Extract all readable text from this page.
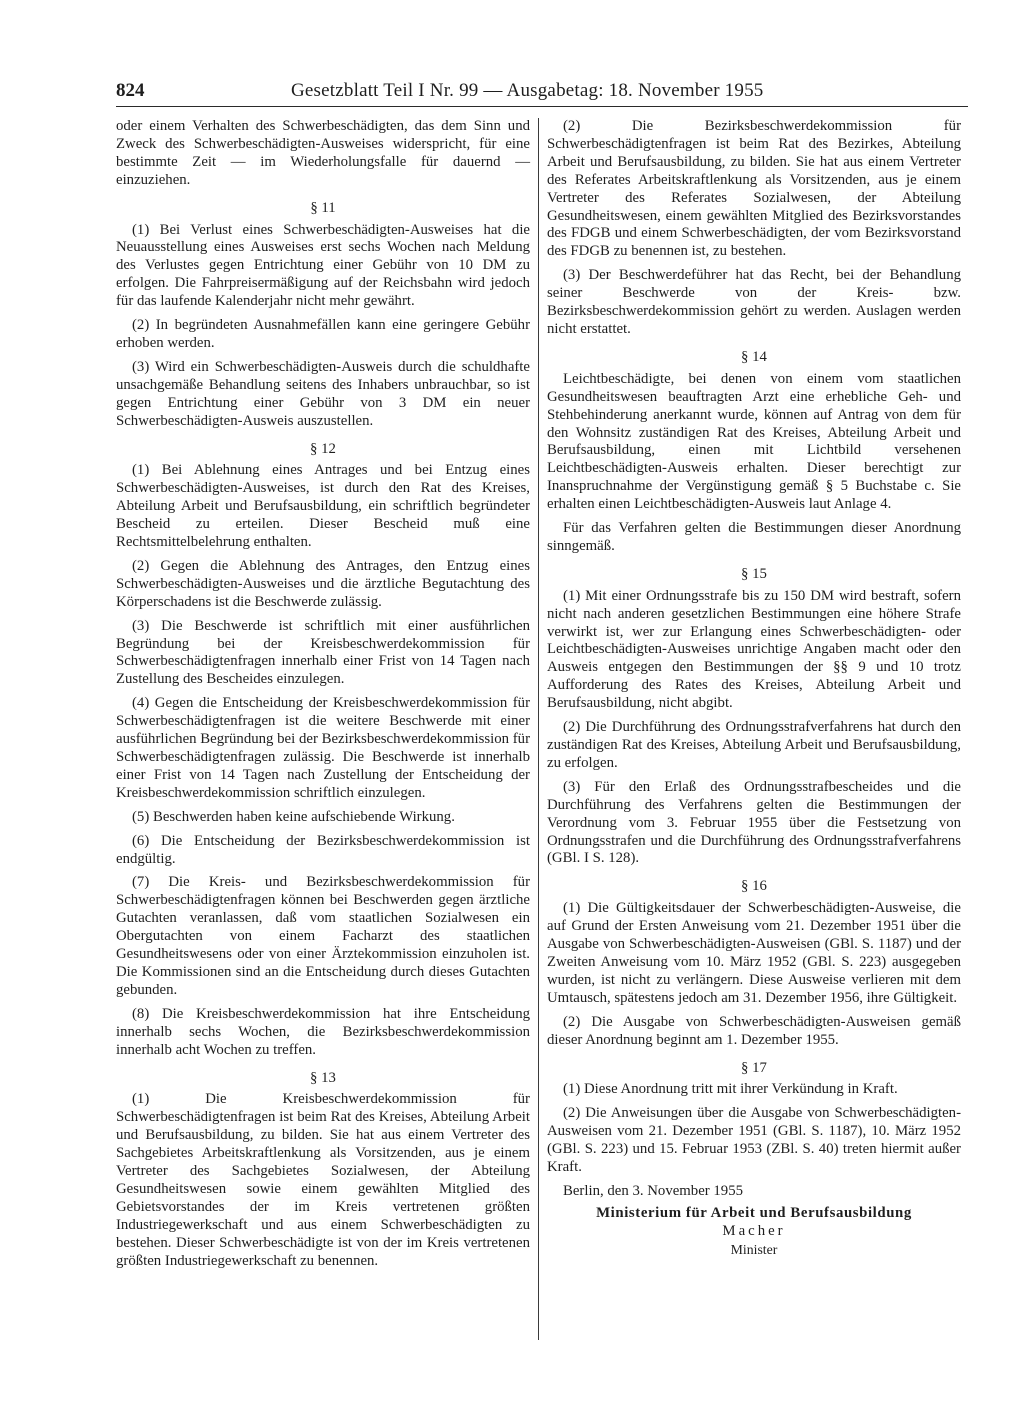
824	Gesetzblatt Teil I Nr. 99 — Ausgabetag: 18. November 1955
oder einem Verhalten des Schwerbeschädigten, das dem Sinn und Zweck des Schwerbeschädigten-Ausweises widerspricht, für eine bestimmte Zeit — im Wiederholungsfalle für dauernd — einzuziehen.
§ 11
(1) Bei Verlust eines Schwerbeschädigten-Ausweises hat die Neuausstellung eines Ausweises erst sechs Wochen nach Meldung des Verlustes gegen Entrichtung einer Gebühr von 10 DM zu erfolgen. Die Fahrpreisermäßigung auf der Reichsbahn wird jedoch für das laufende Kalenderjahr nicht mehr gewährt.
(2) In begründeten Ausnahmefällen kann eine geringere Gebühr erhoben werden.
(3) Wird ein Schwerbeschädigten-Ausweis durch die schuldhafte unsachgemäße Behandlung seitens des Inhabers unbrauchbar, so ist gegen Entrichtung einer Gebühr von 3 DM ein neuer Schwerbeschädigten-Ausweis auszustellen.
§ 12
(1) Bei Ablehnung eines Antrages und bei Entzug eines Schwerbeschädigten-Ausweises, ist durch den Rat des Kreises, Abteilung Arbeit und Berufsausbildung, ein schriftlich begründeter Bescheid zu erteilen. Dieser Bescheid muß eine Rechtsmittelbelehrung enthalten.
(2) Gegen die Ablehnung des Antrages, den Entzug eines Schwerbeschädigten-Ausweises und die ärztliche Begutachtung des Körperschadens ist die Beschwerde zulässig.
(3) Die Beschwerde ist schriftlich mit einer ausführlichen Begründung bei der Kreisbeschwerdekommission für Schwerbeschädigtenfragen innerhalb einer Frist von 14 Tagen nach Zustellung des Bescheides einzulegen.
(4) Gegen die Entscheidung der Kreisbeschwerdekommission für Schwerbeschädigtenfragen ist die weitere Beschwerde mit einer ausführlichen Begründung bei der Bezirksbeschwerdekommission für Schwerbeschädigtenfragen zulässig. Die Beschwerde ist innerhalb einer Frist von 14 Tagen nach Zustellung der Entscheidung der Kreisbeschwerdekommission schriftlich einzulegen.
(5) Beschwerden haben keine aufschiebende Wirkung.
(6) Die Entscheidung der Bezirksbeschwerdekommission ist endgültig.
(7) Die Kreis- und Bezirksbeschwerdekommission für Schwerbeschädigtenfragen können bei Beschwerden gegen ärztliche Gutachten veranlassen, daß vom staatlichen Sozialwesen ein Obergutachten von einem Facharzt des staatlichen Gesundheitswesens oder von einer Ärztekommission einzuholen ist. Die Kommissionen sind an die Entscheidung durch dieses Gutachten gebunden.
(8) Die Kreisbeschwerdekommission hat ihre Entscheidung innerhalb sechs Wochen, die Bezirksbeschwerdekommission innerhalb acht Wochen zu treffen.
§ 13
(1) Die Kreisbeschwerdekommission für Schwerbeschädigtenfragen ist beim Rat des Kreises, Abteilung Arbeit und Berufsausbildung, zu bilden. Sie hat aus einem Vertreter des Sachgebietes Arbeitskraftlenkung als Vorsitzenden, aus je einem Vertreter des Sachgebietes Sozialwesen, der Abteilung Gesundheitswesen sowie einem gewählten Mitglied des Gebietsvorstandes der im Kreis vertretenen größten Industriegewerkschaft und aus einem Schwerbeschädigten zu bestehen. Dieser Schwerbeschädigte ist von der im Kreis vertretenen größten Industriegewerkschaft zu benennen.
(2) Die Bezirksbeschwerdekommission für Schwerbeschädigtenfragen ist beim Rat des Bezirkes, Abteilung Arbeit und Berufsausbildung, zu bilden. Sie hat aus einem Vertreter des Referates Arbeitskraftlenkung als Vorsitzenden, aus je einem Vertreter des Referates Sozialwesen, der Abteilung Gesundheitswesen, einem gewählten Mitglied des Bezirksvorstandes des FDGB und einem Schwerbeschädigten, der vom Bezirksvorstand des FDGB zu benennen ist, zu bestehen.
(3) Der Beschwerdeführer hat das Recht, bei der Behandlung seiner Beschwerde von der Kreis- bzw. Bezirksbeschwerdekommission gehört zu werden. Auslagen werden nicht erstattet.
§ 14
Leichtbeschädigte, bei denen von einem vom staatlichen Gesundheitswesen beauftragten Arzt eine erhebliche Geh- und Stehbehinderung anerkannt wurde, können auf Antrag von dem für den Wohnsitz zuständigen Rat des Kreises, Abteilung Arbeit und Berufsausbildung, einen mit Lichtbild versehenen Leichtbeschädigten-Ausweis erhalten. Dieser berechtigt zur Inanspruchnahme der Vergünstigung gemäß § 5 Buchstabe c. Sie erhalten einen Leichtbeschädigten-Ausweis laut Anlage 4.
Für das Verfahren gelten die Bestimmungen dieser Anordnung sinngemäß.
§ 15
(1) Mit einer Ordnungsstrafe bis zu 150 DM wird bestraft, sofern nicht nach anderen gesetzlichen Bestimmungen eine höhere Strafe verwirkt ist, wer zur Erlangung eines Schwerbeschädigten- oder Leichtbeschädigten-Ausweises unrichtige Angaben macht oder den Ausweis entgegen den Bestimmungen der §§ 9 und 10 trotz Aufforderung des Rates des Kreises, Abteilung Arbeit und Berufsausbildung, nicht abgibt.
(2) Die Durchführung des Ordnungsstrafverfahrens hat durch den zuständigen Rat des Kreises, Abteilung Arbeit und Berufsausbildung, zu erfolgen.
(3) Für den Erlaß des Ordnungsstrafbescheides und die Durchführung des Verfahrens gelten die Bestimmungen der Verordnung vom 3. Februar 1955 über die Festsetzung von Ordnungsstrafen und die Durchführung des Ordnungsstrafverfahrens (GBl. I S. 128).
§ 16
(1) Die Gültigkeitsdauer der Schwerbeschädigten-Ausweise, die auf Grund der Ersten Anweisung vom 21. Dezember 1951 über die Ausgabe von Schwerbeschädigten-Ausweisen (GBl. S. 1187) und der Zweiten Anweisung vom 10. März 1952 (GBl. S. 223) ausgegeben wurden, ist nicht zu verlängern. Diese Ausweise verlieren mit dem Umtausch, spätestens jedoch am 31. Dezember 1956, ihre Gültigkeit.
(2) Die Ausgabe von Schwerbeschädigten-Ausweisen gemäß dieser Anordnung beginnt am 1. Dezember 1955.
§ 17
(1) Diese Anordnung tritt mit ihrer Verkündung in Kraft.
(2) Die Anweisungen über die Ausgabe von Schwerbeschädigten-Ausweisen vom 21. Dezember 1951 (GBl. S. 1187), 10. März 1952 (GBl. S. 223) und 15. Februar 1953 (ZBl. S. 40) treten hiermit außer Kraft.
Berlin, den 3. November 1955
Ministerium für Arbeit und Berufsausbildung
Macher
Minister
